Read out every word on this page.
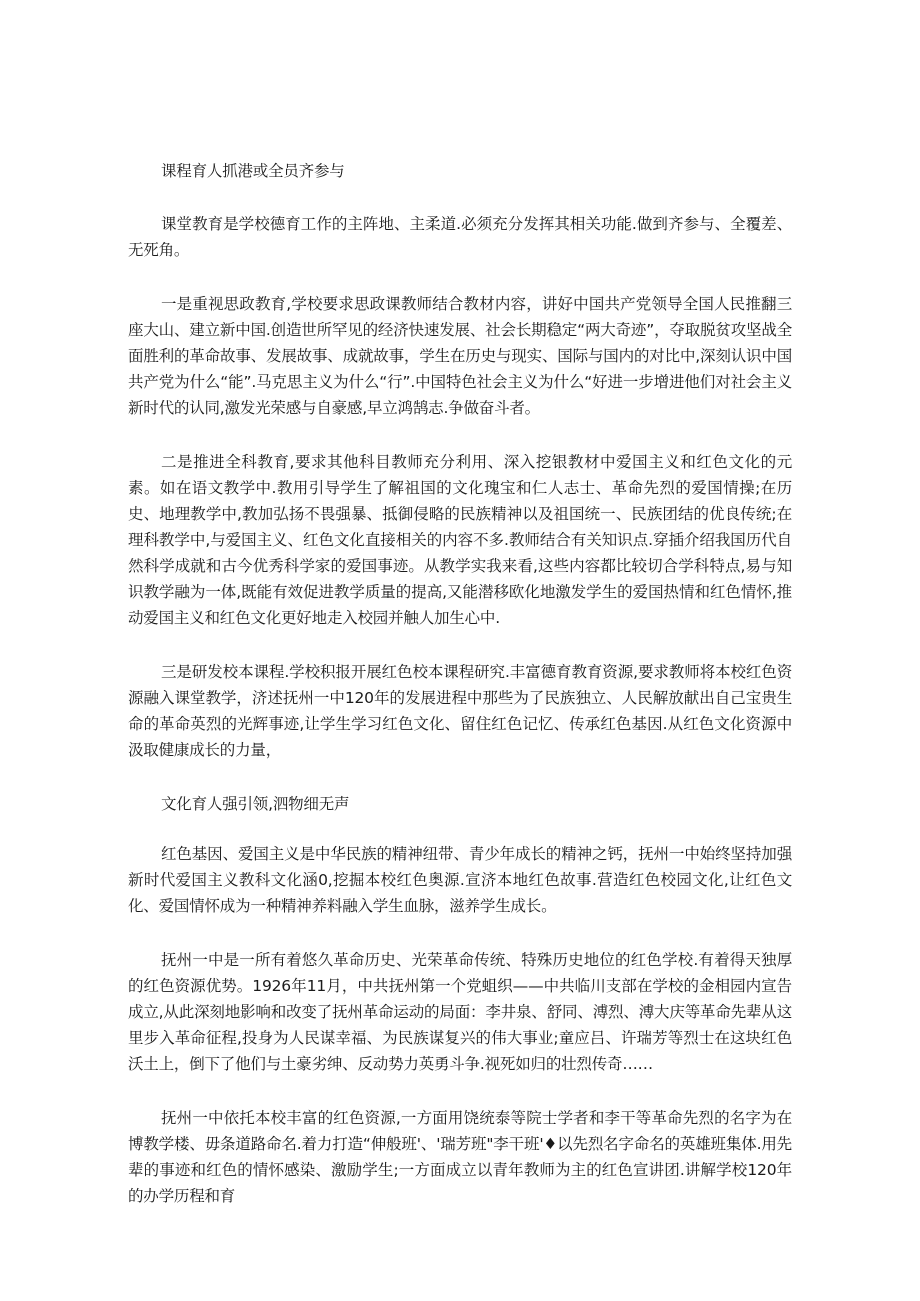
课程育人抓港或全员齐参与

课堂教育是学校德育工作的主阵地、主柔道.必须充分发挥其相关功能.做到齐参与、全覆差、无死角。

一是重视思政教育,学校要求思政课教师结合教材内容，讲好中国共产党领导全国人民推翻三座大山、建立新中国.创造世所罕见的经济快速发展、社会长期稳定“两大奇迹”，夺取脱贫攻坚战全面胜利的革命故事、发展故事、成就故事，学生在历史与现实、国际与国内的对比中,深刻认识中国共产党为什么“能”.马克思主义为什么“行”.中国特色社会主义为什么“好进一步增进他们对社会主义新时代的认同,激发光荣感与自豪感,早立鸿鹄志.争做奋斗者。

二是推进全科教育,要求其他科目教师充分利用、深入挖银教材中爱国主义和红色文化的元素。如在语文教学中.教用引导学生了解祖国的文化瑰宝和仁人志士、革命先烈的爱国情操;在历史、地理教学中,教加弘扬不畏强暴、抵御侵略的民族精神以及祖国统一、民族团结的优良传统;在理科教学中,与爱国主义、红色文化直接相关的内容不多.教师结合有关知识点.穿插介绍我国历代自然科学成就和古今优秀科学家的爱国事迹。从教学实我来看,这些内容都比较切合学科特点,易与知识教学融为一体,既能有效促进教学质量的提高,又能潜移欧化地激发学生的爱国热情和红色情怀,推动爱国主义和红色文化更好地走入校园并触人加生心中.

三是研发校本课程.学校积报开展红色校本课程研究.丰富德育教育资源,要求教师将本校红色资源融入课堂教学，济述抚州一中120年的发展进程中那些为了民族独立、人民解放献出自己宝贵生命的革命英烈的光辉事迹,让学生学习红色文化、留住红色记忆、传承红色基因.从红色文化资源中汲取健康成长的力量，

文化育人强引领,泗物细无声

红色基因、爱国主义是中华民族的精神纽带、青少年成长的精神之钙，抚州一中始终坚持加强新时代爱国主义教科文化涵0,挖掘本校红色奥源.宣济本地红色故事.营造红色校园文化,让红色文化、爱国情怀成为一种精神养料融入学生血脉，滋养学生成长。

抚州一中是一所有着悠久革命历史、光荣革命传统、特殊历史地位的红色学校.有着得天独厚的红色资源优势。1926年11月，中共抚州第一个党蛆织——中共临川支部在学校的金相园内宣告成立,从此深刻地影响和改变了抚州革命运动的局面：李井泉、舒同、溥烈、溥大庆等革命先辈从这里步入革命征程,投身为人民谋幸福、为民族谋复兴的伟大事业;童应吕、许瑞芳等烈士在这块红色沃土上，倒下了他们与土豪劣绅、反动势力英勇斗争.视死如归的壮烈传奇……

抚州一中依托本校丰富的红色资源,一方面用饶统泰等院士学者和李干等革命先烈的名字为在博教学楼、毋条道路命名.着力打造“伸般班'、'瑞芳班"李干班'♦以先烈名字命名的英雄班集体.用先辈的事迹和红色的情怀感染、激励学生;一方面成立以青年教师为主的红色宣讲团.讲解学校120年的办学历程和育
